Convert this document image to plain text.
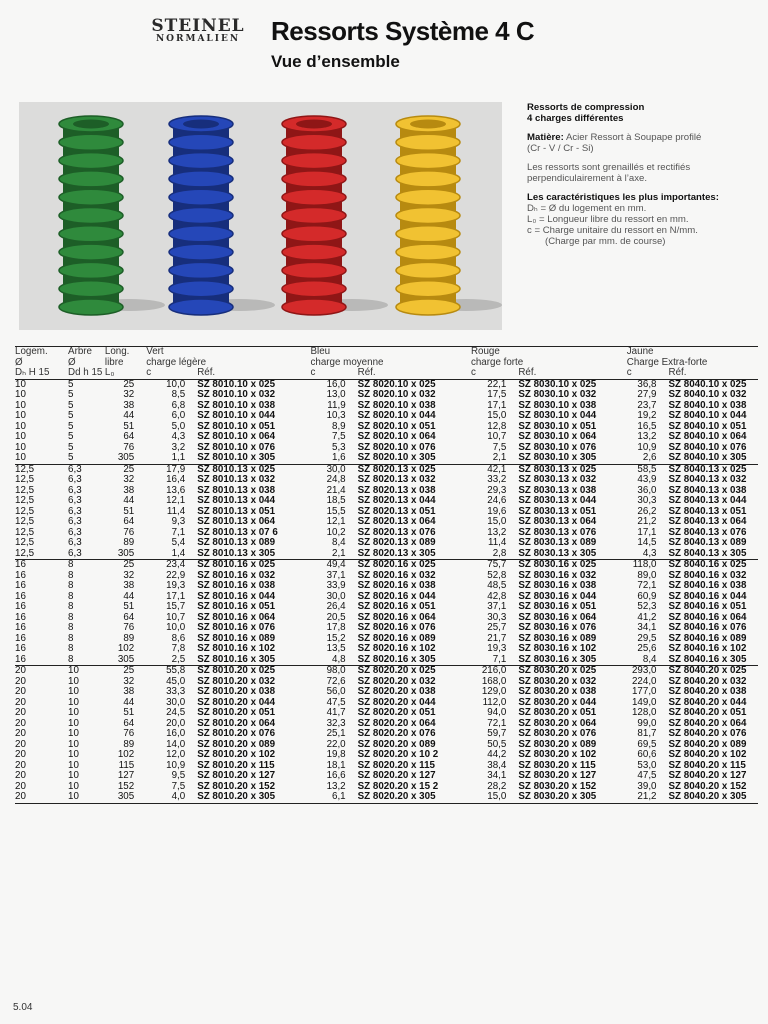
STEINEL
NORMALIEN	Ressorts Système 4 C
Vue d’ensemble

Ressorts de compression
4 charges différentes

Matière: Acier Ressort à Soupape profilé
(Cr - V / Cr - Si)

Les ressorts sont grenaillés et rectifiés
perpendiculairement à l’axe.

Les caractéristiques les plus importantes:
Dₕ = Ø du logement en mm.
L₀ = Longueur libre du ressort en mm.
c = Charge unitaire du ressort en N/mm.
(Charge par mm. de course)

Logem.	Arbre	Long.	Vert		Bleu		Rouge		Jaune	
Ø	Ø	libre	charge légère		charge moyenne		charge forte		Charge Extra-forte	
Dₕ H 15	Dd h 15	L₀	c	Réf.	c	Réf.	c	Réf.	c	Réf.
10	5	25	10,0	SZ 8010.10 x 025	16,0	SZ 8020.10 x 025	22,1	SZ 8030.10 x 025	36,8	SZ 8040.10 x 025
10	5	32	8,5	SZ 8010.10 x 032	13,0	SZ 8020.10 x 032	17,5	SZ 8030.10 x 032	27,9	SZ 8040.10 x 032
10	5	38	6,8	SZ 8010.10 x 038	11,9	SZ 8020.10 x 038	17,1	SZ 8030.10 x 038	23,7	SZ 8040.10 x 038
10	5	44	6,0	SZ 8010.10 x 044	10,3	SZ 8020.10 x 044	15,0	SZ 8030.10 x 044	19,2	SZ 8040.10 x 044
10	5	51	5,0	SZ 8010.10 x 051	8,9	SZ 8020.10 x 051	12,8	SZ 8030.10 x 051	16,5	SZ 8040.10 x 051
10	5	64	4,3	SZ 8010.10 x 064	7,5	SZ 8020.10 x 064	10,7	SZ 8030.10 x 064	13,2	SZ 8040.10 x 064
10	5	76	3,2	SZ 8010.10 x 076	5,3	SZ 8020.10 x 076	7,5	SZ 8030.10 x 076	10,9	SZ 8040.10 x 076
10	5	305	1,1	SZ 8010.10 x 305	1,6	SZ 8020.10 x 305	2,1	SZ 8030.10 x 305	2,6	SZ 8040.10 x 305
12,5	6,3	25	17,9	SZ 8010.13 x 025	30,0	SZ 8020.13 x 025	42,1	SZ 8030.13 x 025	58,5	SZ 8040.13 x 025
12,5	6,3	32	16,4	SZ 8010.13 x 032	24,8	SZ 8020.13 x 032	33,2	SZ 8030.13 x 032	43,9	SZ 8040.13 x 032
12,5	6,3	38	13,6	SZ 8010.13 x 038	21,4	SZ 8020.13 x 038	29,3	SZ 8030.13 x 038	36,0	SZ 8040.13 x 038
12,5	6,3	44	12,1	SZ 8010.13 x 044	18,5	SZ 8020.13 x 044	24,6	SZ 8030.13 x 044	30,3	SZ 8040.13 x 044
12,5	6,3	51	11,4	SZ 8010.13 x 051	15,5	SZ 8020.13 x 051	19,6	SZ 8030.13 x 051	26,2	SZ 8040.13 x 051
12,5	6,3	64	9,3	SZ 8010.13 x 064	12,1	SZ 8020.13 x 064	15,0	SZ 8030.13 x 064	21,2	SZ 8040.13 x 064
12,5	6,3	76	7,1	SZ 8010.13 x 07 6	10,2	SZ 8020.13 x 076	13,2	SZ 8030.13 x 076	17,1	SZ 8040.13 x 076
12,5	6,3	89	5,4	SZ 8010.13 x 089	8,4	SZ 8020.13 x 089	11,4	SZ 8030.13 x 089	14,5	SZ 8040.13 x 089
12,5	6,3	305	1,4	SZ 8010.13 x 305	2,1	SZ 8020.13 x 305	2,8	SZ 8030.13 x 305	4,3	SZ 8040.13 x 305
16	8	25	23,4	SZ 8010.16 x 025	49,4	SZ 8020.16 x 025	75,7	SZ 8030.16 x 025	118,0	SZ 8040.16 x 025
16	8	32	22,9	SZ 8010.16 x 032	37,1	SZ 8020.16 x 032	52,8	SZ 8030.16 x 032	89,0	SZ 8040.16 x 032
16	8	38	19,3	SZ 8010.16 x 038	33,9	SZ 8020.16 x 038	48,5	SZ 8030.16 x 038	72,1	SZ 8040.16 x 038
16	8	44	17,1	SZ 8010.16 x 044	30,0	SZ 8020.16 x 044	42,8	SZ 8030.16 x 044	60,9	SZ 8040.16 x 044
16	8	51	15,7	SZ 8010.16 x 051	26,4	SZ 8020.16 x 051	37,1	SZ 8030.16 x 051	52,3	SZ 8040.16 x 051
16	8	64	10,7	SZ 8010.16 x 064	20,5	SZ 8020.16 x 064	30,3	SZ 8030.16 x 064	41,2	SZ 8040.16 x 064
16	8	76	10,0	SZ 8010.16 x 076	17,8	SZ 8020.16 x 076	25,7	SZ 8030.16 x 076	34,1	SZ 8040.16 x 076
16	8	89	8,6	SZ 8010.16 x 089	15,2	SZ 8020.16 x 089	21,7	SZ 8030.16 x 089	29,5	SZ 8040.16 x 089
16	8	102	7,8	SZ 8010.16 x 102	13,5	SZ 8020.16 x 102	19,3	SZ 8030.16 x 102	25,6	SZ 8040.16 x 102
16	8	305	2,5	SZ 8010.16 x 305	4,8	SZ 8020.16 x 305	7,1	SZ 8030.16 x 305	8,4	SZ 8040.16 x 305
20	10	25	55,8	SZ 8010.20 x 025	98,0	SZ 8020.20 x 025	216,0	SZ 8030.20 x 025	293,0	SZ 8040.20 x 025
20	10	32	45,0	SZ 8010.20 x 032	72,6	SZ 8020.20 x 032	168,0	SZ 8030.20 x 032	224,0	SZ 8040.20 x 032
20	10	38	33,3	SZ 8010.20 x 038	56,0	SZ 8020.20 x 038	129,0	SZ 8030.20 x 038	177,0	SZ 8040.20 x 038
20	10	44	30,0	SZ 8010.20 x 044	47,5	SZ 8020.20 x 044	112,0	SZ 8030.20 x 044	149,0	SZ 8040.20 x 044
20	10	51	24,5	SZ 8010.20 x 051	41,7	SZ 8020.20 x 051	94,0	SZ 8030.20 x 051	128,0	SZ 8040.20 x 051
20	10	64	20,0	SZ 8010.20 x 064	32,3	SZ 8020.20 x 064	72,1	SZ 8030.20 x 064	99,0	SZ 8040.20 x 064
20	10	76	16,0	SZ 8010.20 x 076	25,1	SZ 8020.20 x 076	59,7	SZ 8030.20 x 076	81,7	SZ 8040.20 x 076
20	10	89	14,0	SZ 8010.20 x 089	22,0	SZ 8020.20 x 089	50,5	SZ 8030.20 x 089	69,5	SZ 8040.20 x 089
20	10	102	12,0	SZ 8010.20 x 102	19,8	SZ 8020.20 x 10 2	44,2	SZ 8030.20 x 102	60,6	SZ 8040.20 x 102
20	10	115	10,9	SZ 8010.20 x 115	18,1	SZ 8020.20 x 115	38,4	SZ 8030.20 x 115	53,0	SZ 8040.20 x 115
20	10	127	9,5	SZ 8010.20 x 127	16,6	SZ 8020.20 x 127	34,1	SZ 8030.20 x 127	47,5	SZ 8040.20 x 127
20	10	152	7,5	SZ 8010.20 x 152	13,2	SZ 8020.20 x 15 2	28,2	SZ 8030.20 x 152	39,0	SZ 8040.20 x 152
20	10	305	4,0	SZ 8010.20 x 305	6,1	SZ 8020.20 x 305	15,0	SZ 8030.20 x 305	21,2	SZ 8040.20 x 305
5.04
